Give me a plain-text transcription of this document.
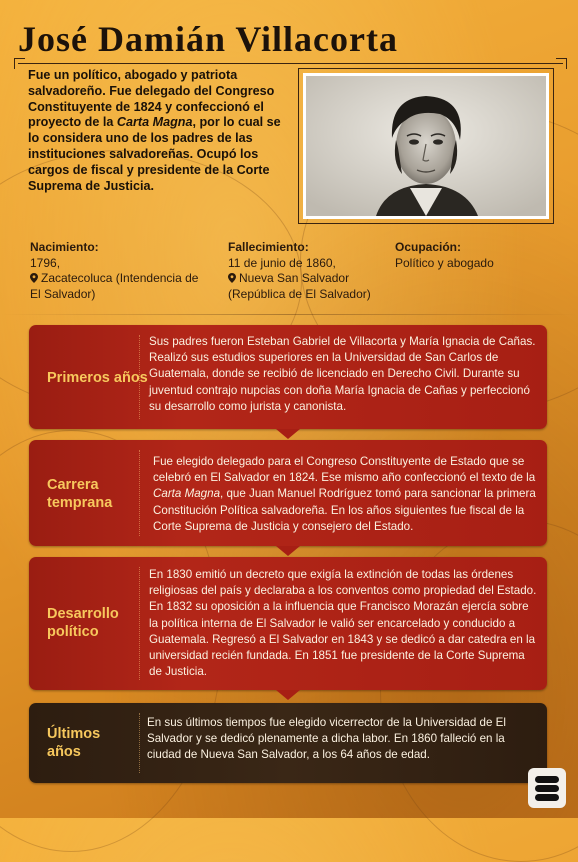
José Damián Villacorta

Fue un político, abogado y patriota salvadoreño. Fue delegado del Congreso Constituyente de 1824 y confeccionó el proyecto de la Carta Magna, por lo cual se lo considera uno de los padres de las instituciones salvadoreñas. Ocupó los cargos de fiscal y presidente de la Corte Suprema de Justicia.

Nacimiento:
1796,
Zacatecoluca (Intendencia de
El Salvador)
Fallecimiento:
11 de junio de 1860,
Nueva San Salvador
(República de El Salvador)
Ocupación:
Político y abogado
Primeros años
Sus padres fueron Esteban Gabriel de Villacorta y María Ignacia de Cañas. Realizó sus estudios superiores en la Universidad de San Carlos de Guatemala, donde se recibió de licenciado en Derecho Civil. Durante su juventud contrajo nupcias con doña María Ignacia de Cañas y perfeccionó su desarrollo como jurista y canonista.
Carrera
temprana
Fue elegido delegado para el Congreso Constituyente de Estado que se celebró en El Salvador en 1824. Ese mismo año confeccionó el texto de la Carta Magna, que Juan Manuel Rodríguez tomó para sancionar la primera Constitución Política salvadoreña. En los años siguientes fue fiscal de la Corte Suprema de Justicia y consejero del Estado.
Desarrollo
político
En 1830 emitió un decreto que exigía la extinción de todas las órdenes religiosas del país y declaraba a los conventos como propiedad del Estado. En 1832 su oposición a la influencia que Francisco Morazán ejercía sobre la política interna de El Salvador le valió ser encarcelado y conducido a Guatemala. Regresó a El Salvador en 1843 y se dedicó a dar catedra en la universidad recién fundada. En 1851 fue presidente de la Corte Suprema de Justicia.
Últimos
años
En sus últimos tiempos fue elegido vicerrector de la Universidad de El Salvador y se dedicó plenamente a dicha labor. En 1860 falleció en la ciudad de Nueva San Salvador, a los 64 años de edad.
